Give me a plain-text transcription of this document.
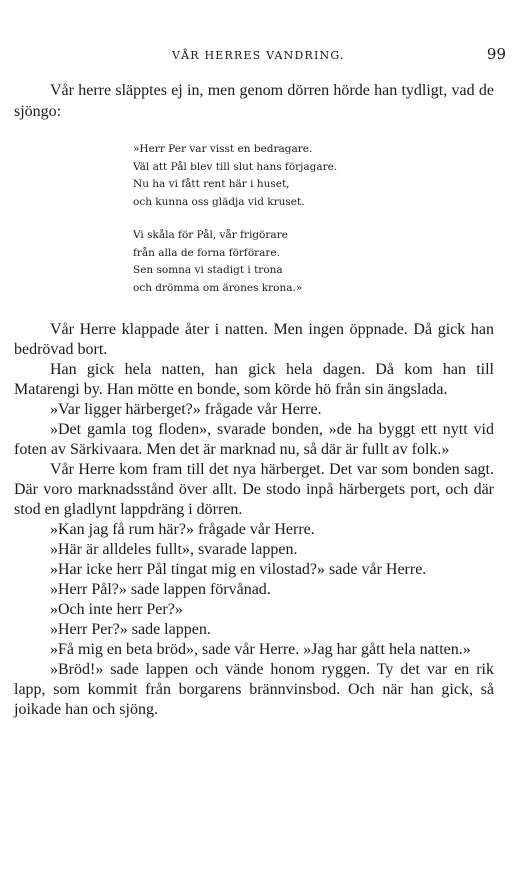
VÅR HERRES VANDRING.	99

Vår herre släpptes ej in, men genom dörren hörde han tydligt, vad de sjöngo:

»Herr Per var visst en bedragare.
Väl att Pål blev till slut hans förjagare.
Nu ha vi fått rent här i huset,
och kunna oss glädja vid kruset.
Vi skåla för Pål, vår frigörare
från alla de forna förförare.
Sen somna vi stadigt i trona
och drömma om ärones krona.»

Vår Herre klappade åter i natten. Men ingen öppnade. Då gick han bedrövad bort.

Han gick hela natten, han gick hela dagen. Då kom han till Matarengi by. Han mötte en bonde, som körde hö från sin ängslada.

»Var ligger härberget?» frågade vår Herre.

»Det gamla tog floden», svarade bonden, »de ha byggt ett nytt vid foten av Särkivaara. Men det är marknad nu, så där är fullt av folk.»

Vår Herre kom fram till det nya härberget. Det var som bonden sagt. Där voro marknadsstånd över allt. De stodo inpå härbergets port, och där stod en gladlynt lappdräng i dörren.

»Kan jag få rum här?» frågade vår Herre.

»Här är alldeles fullt», svarade lappen.

»Har icke herr Pål tingat mig en vilostad?» sade vår Herre.

»Herr Pål?» sade lappen förvånad.

»Och inte herr Per?»

»Herr Per?» sade lappen.

»Få mig en beta bröd», sade vår Herre. »Jag har gått hela natten.»

»Bröd!» sade lappen och vände honom ryggen. Ty det var en rik lapp, som kommit från borgarens brännvinsbod. Och när han gick, så joikade han och sjöng.
